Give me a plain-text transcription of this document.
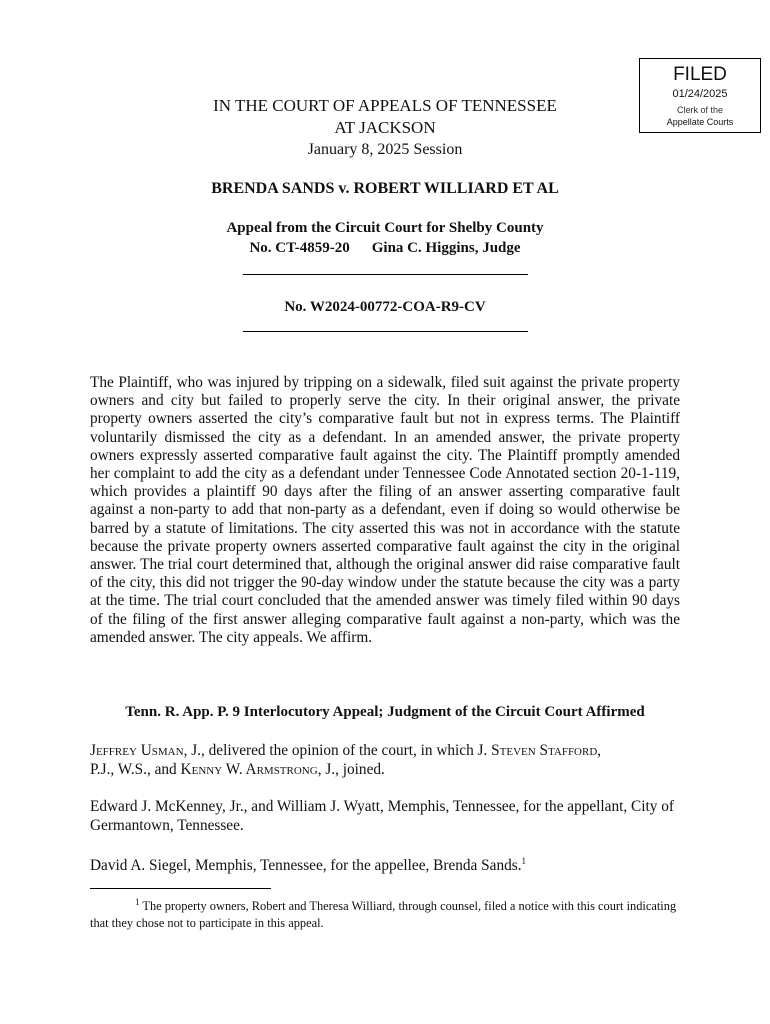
FILED
01/24/2025
Clerk of the
Appellate Courts
IN THE COURT OF APPEALS OF TENNESSEE
AT JACKSON
January 8, 2025 Session
BRENDA SANDS v. ROBERT WILLIARD ET AL
Appeal from the Circuit Court for Shelby County
No. CT-4859-20 Gina C. Higgins, Judge
No. W2024-00772-COA-R9-CV

The Plaintiff, who was injured by tripping on a sidewalk, filed suit against the private property owners and city but failed to properly serve the city. In their original answer, the private property owners asserted the city’s comparative fault but not in express terms. The Plaintiff voluntarily dismissed the city as a defendant. In an amended answer, the private property owners expressly asserted comparative fault against the city. The Plaintiff promptly amended her complaint to add the city as a defendant under Tennessee Code Annotated section 20-1-119, which provides a plaintiff 90 days after the filing of an answer asserting comparative fault against a non-party to add that non-party as a defendant, even if doing so would otherwise be barred by a statute of limitations. The city asserted this was not in accordance with the statute because the private property owners asserted comparative fault against the city in the original answer. The trial court determined that, although the original answer did raise comparative fault of the city, this did not trigger the 90-day window under the statute because the city was a party at the time. The trial court concluded that the amended answer was timely filed within 90 days of the filing of the first answer alleging comparative fault against a non-party, which was the amended answer. The city appeals. We affirm.

Tenn. R. App. P. 9 Interlocutory Appeal; Judgment of the Circuit Court Affirmed

Jeffrey Usman, J., delivered the opinion of the court, in which J. Steven Stafford,
P.J., W.S., and Kenny W. Armstrong, J., joined.

Edward J. McKenney, Jr., and William J. Wyatt, Memphis, Tennessee, for the appellant, City of Germantown, Tennessee.

David A. Siegel, Memphis, Tennessee, for the appellee, Brenda Sands.$^1$

$^1$ The property owners, Robert and Theresa Williard, through counsel, filed a notice with this court indicating that they chose not to participate in this appeal.
